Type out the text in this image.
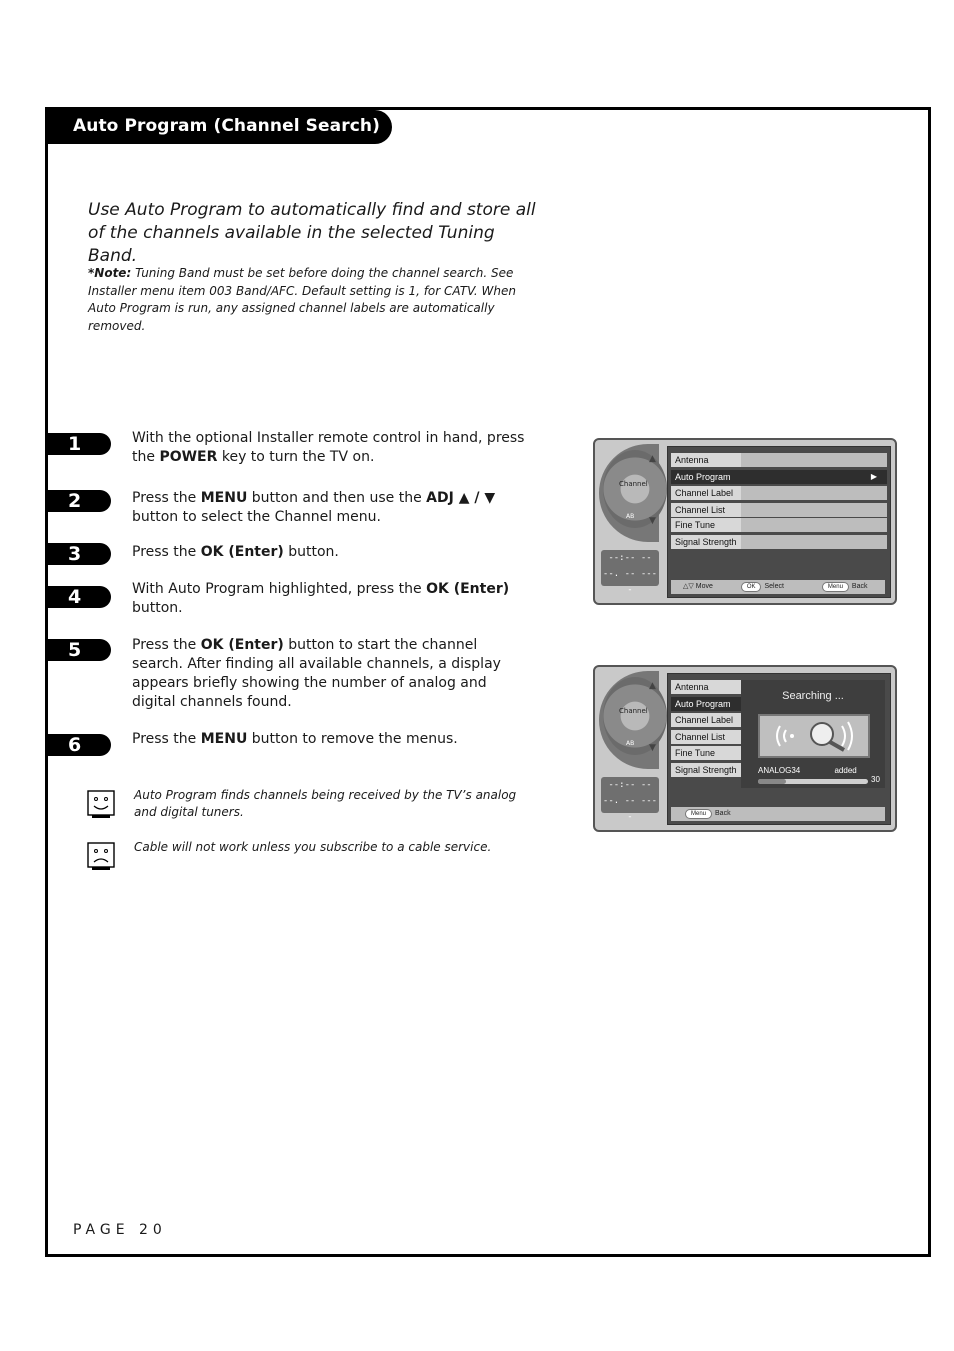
Auto Program (Channel Search)
Use Auto Program to automatically find and store all of the channels available in the selected Tuning Band.
*Note: Tuning Band must be set before doing the channel search. See Installer menu item 003 Band/AFC. Default setting is 1, for CATV. When Auto Program is run, any assigned channel labels are automatically removed.
1	With the optional Installer remote control in hand, press the POWER key to turn the TV on.
2	Press the MENU button and then use the ADJ ▲ / ▼ button to select the Channel menu.
3	Press the OK (Enter) button.
4	With Auto Program highlighted, press the OK (Enter) button.
5	Press the OK (Enter) button to start the channel search. After finding all available channels, a display appears briefly showing the number of analog and digital channels found.
6	Press the MENU button to remove the menus.
Auto Program finds channels being received by the TV’s analog and digital tuners.
Cable will not work unless you subscribe to a cable service.
Channel
AB
▲
▼
--:-- --
--. -- ----
Antenna
Auto Program	▶
Channel Label
Channel List
Fine Tune
Signal Strength
△▽ Move	OK Select	Menu Back
Channel
AB
▲
▼
--:-- --
--. -- ----
Antenna
Auto Program
Channel Label
Channel List
Fine Tune
Signal Strength
Searching ...
ANALOG34	added
30
Menu Back
PAGE 20
